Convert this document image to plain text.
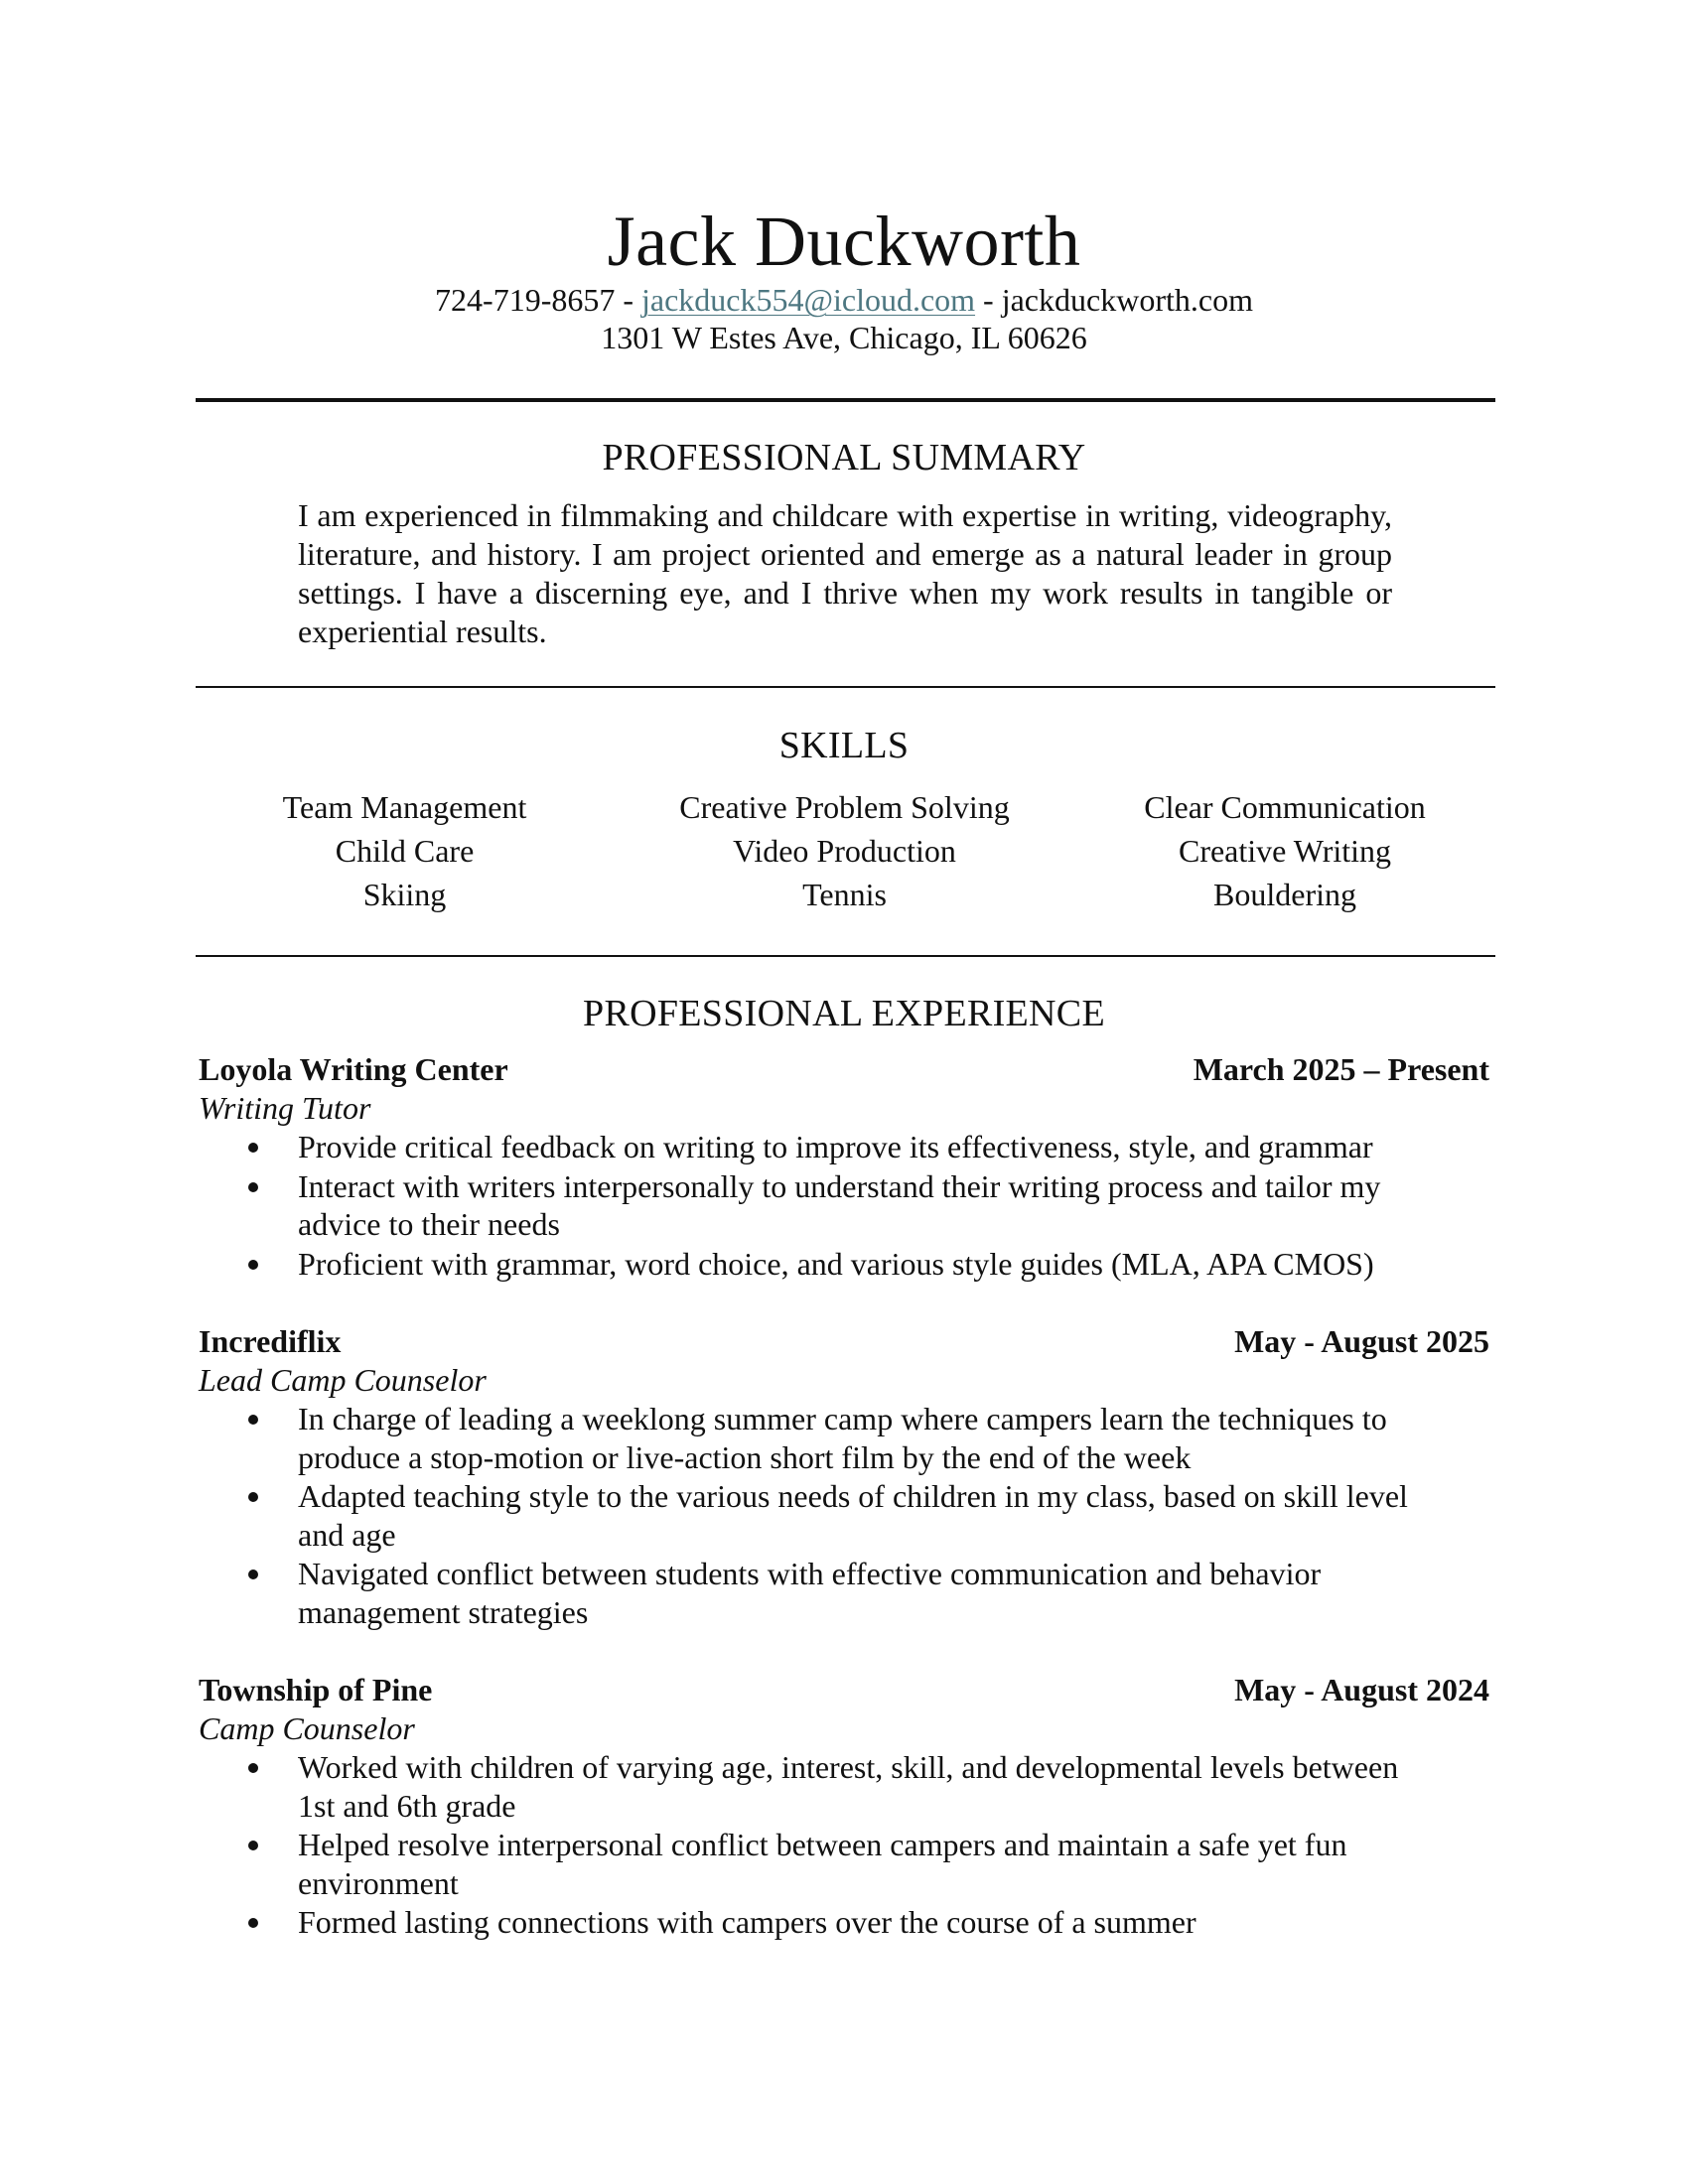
Jack Duckworth
724-719-8657 - jackduck554@icloud.com - jackduckworth.com
1301 W Estes Ave, Chicago, IL 60626
PROFESSIONAL SUMMARY

I am experienced in filmmaking and childcare with expertise in writing, videography, literature, and history. I am project oriented and emerge as a natural leader in group settings. I have a discerning eye, and I thrive when my work results in tangible or experiential results.

SKILLS
Team Management	Creative Problem Solving	Clear Communication
Child Care	Video Production	Creative Writing
Skiing	Tennis	Bouldering
PROFESSIONAL EXPERIENCE
Loyola Writing Center	March 2025 – Present
Writing Tutor
Provide critical feedback on writing to improve its effectiveness, style, and grammar
Interact with writers interpersonally to understand their writing process and tailor my advice to their needs
Proficient with grammar, word choice, and various style guides (MLA, APA CMOS)
Incrediflix	May - August 2025
Lead Camp Counselor
In charge of leading a weeklong summer camp where campers learn the techniques to produce a stop-motion or live-action short film by the end of the week
Adapted teaching style to the various needs of children in my class, based on skill level and age
Navigated conflict between students with effective communication and behavior management strategies
Township of Pine	May - August 2024
Camp Counselor
Worked with children of varying age, interest, skill, and developmental levels between 1st and 6th grade
Helped resolve interpersonal conflict between campers and maintain a safe yet fun environment
Formed lasting connections with campers over the course of a summer
